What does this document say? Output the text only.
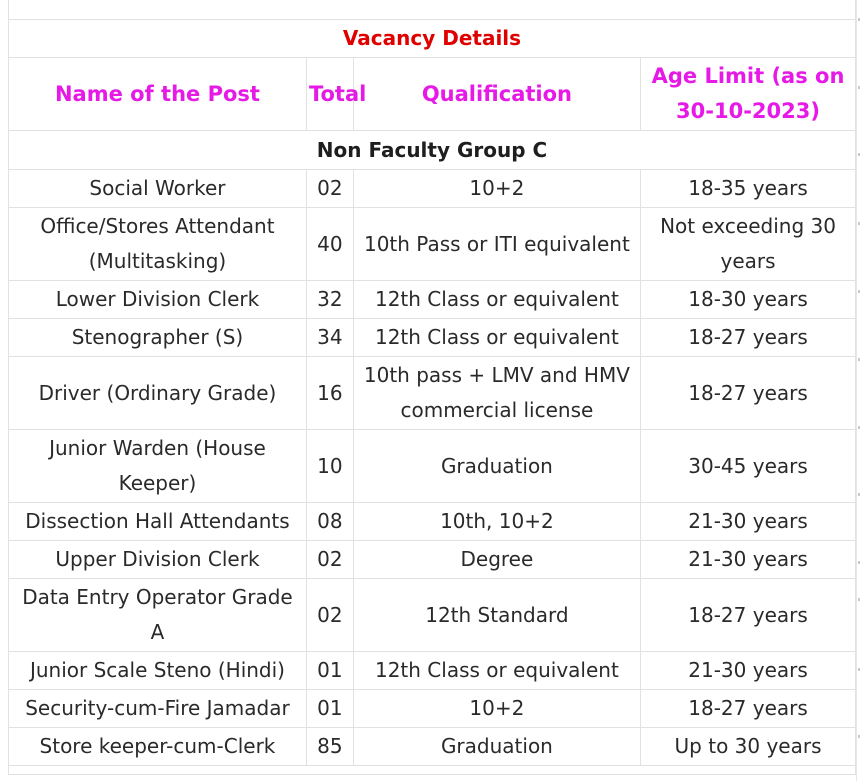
Vacancy Details			
Name of the Post	Total	Qualification	Age Limit (as on 30-10-2023)
Non Faculty Group C			
Social Worker	02	10+2	18-35 years
Office/Stores Attendant (Multitasking)	40	10th Pass or ITI equivalent	Not exceeding 30 years
Lower Division Clerk	32	12th Class or equivalent	18-30 years
Stenographer (S)	34	12th Class or equivalent	18-27 years
Driver (Ordinary Grade)	16	10th pass + LMV and HMV commercial license	18-27 years
Junior Warden (House Keeper)	10	Graduation	30-45 years
Dissection Hall Attendants	08	10th, 10+2	21-30 years
Upper Division Clerk	02	Degree	21-30 years
Data Entry Operator Grade A	02	12th Standard	18-27 years
Junior Scale Steno (Hindi)	01	12th Class or equivalent	21-30 years
Security-cum-Fire Jamadar	01	10+2	18-27 years
Store keeper-cum-Clerk	85	Graduation	Up to 30 years
